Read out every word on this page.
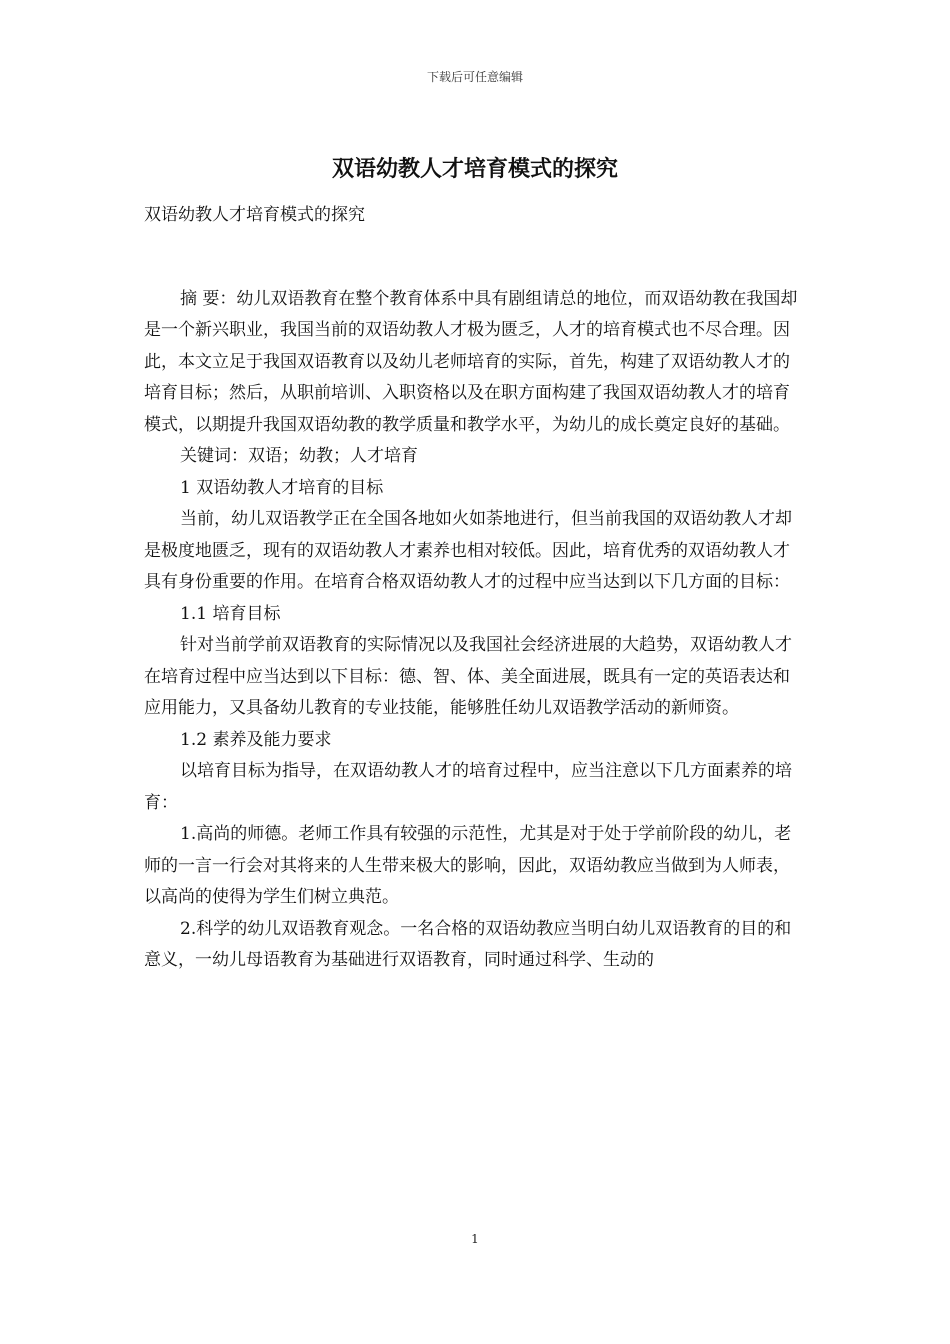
下载后可任意编辑
双语幼教人才培育模式的探究

双语幼教人才培育模式的探究

摘 要：幼儿双语教育在整个教育体系中具有剧组请总的地位，而双语幼教在我国却是一个新兴职业，我国当前的双语幼教人才极为匮乏，人才的培育模式也不尽合理。因此，本文立足于我国双语教育以及幼儿老师培育的实际，首先，构建了双语幼教人才的培育目标；然后，从职前培训、入职资格以及在职方面构建了我国双语幼教人才的培育模式，以期提升我国双语幼教的教学质量和教学水平，为幼儿的成长奠定良好的基础。

关键词：双语；幼教；人才培育

1 双语幼教人才培育的目标

当前，幼儿双语教学正在全国各地如火如荼地进行，但当前我国的双语幼教人才却是极度地匮乏，现有的双语幼教人才素养也相对较低。因此，培育优秀的双语幼教人才具有身份重要的作用。在培育合格双语幼教人才的过程中应当达到以下几方面的目标：

1.1 培育目标

针对当前学前双语教育的实际情况以及我国社会经济进展的大趋势，双语幼教人才在培育过程中应当达到以下目标：德、智、体、美全面进展，既具有一定的英语表达和应用能力，又具备幼儿教育的专业技能，能够胜任幼儿双语教学活动的新师资。

1.2 素养及能力要求

以培育目标为指导，在双语幼教人才的培育过程中，应当注意以下几方面素养的培育：

1.高尚的师德。老师工作具有较强的示范性，尤其是对于处于学前阶段的幼儿，老师的一言一行会对其将来的人生带来极大的影响，因此，双语幼教应当做到为人师表，以高尚的使得为学生们树立典范。

2.科学的幼儿双语教育观念。一名合格的双语幼教应当明白幼儿双语教育的目的和意义，一幼儿母语教育为基础进行双语教育，同时通过科学、生动的

1
